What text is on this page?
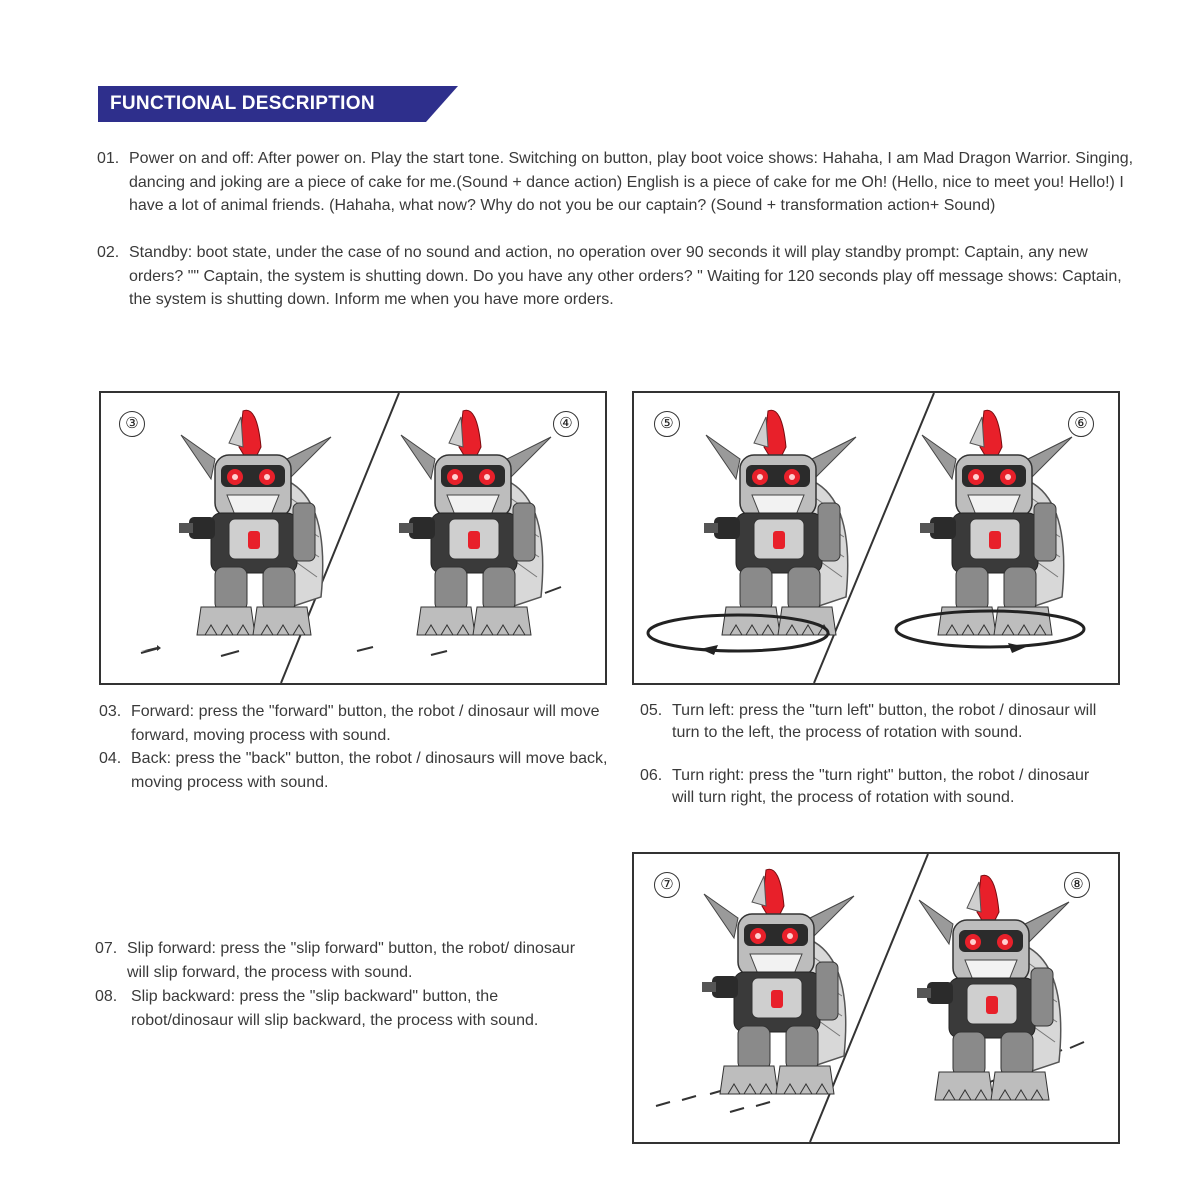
FUNCTIONAL DESCRIPTION
01. Power on and off: After power on. Play the start tone. Switching on button, play boot voice shows: Hahaha, I am Mad Dragon Warrior. Singing, dancing and joking are a piece of cake for me.(Sound + dance action) English is a piece of cake for me Oh! (Hello, nice to meet you! Hello!) I have a lot of animal friends. (Hahaha, what now? Why do not you be our captain? (Sound + transformation action+ Sound)
02. Standby: boot state, under the case of no sound and action, no operation over 90 seconds it will play standby prompt: Captain, any new orders? "" Captain, the system is shutting down. Do you have any other orders? " Waiting for 120 seconds play off message shows: Captain, the system is shutting down. Inform me when you have more orders.
③	④	⑤	⑥
03. Forward: press the "forward" button, the robot / dinosaur will move forward, moving process with sound.
04. Back: press the "back" button, the robot / dinosaurs will move back, moving process with sound.
05. Turn left: press the "turn left" button, the robot / dinosaur will turn to the left, the process of rotation with sound.
06. Turn right: press the "turn right" button, the robot / dinosaur will turn right, the process of rotation with sound.
07. Slip forward: press the "slip forward" button, the robot/ dinosaur will slip forward, the process with sound.
08. Slip backward: press the "slip backward" button, the robot/dinosaur will slip backward, the process with sound.
⑦	⑧
